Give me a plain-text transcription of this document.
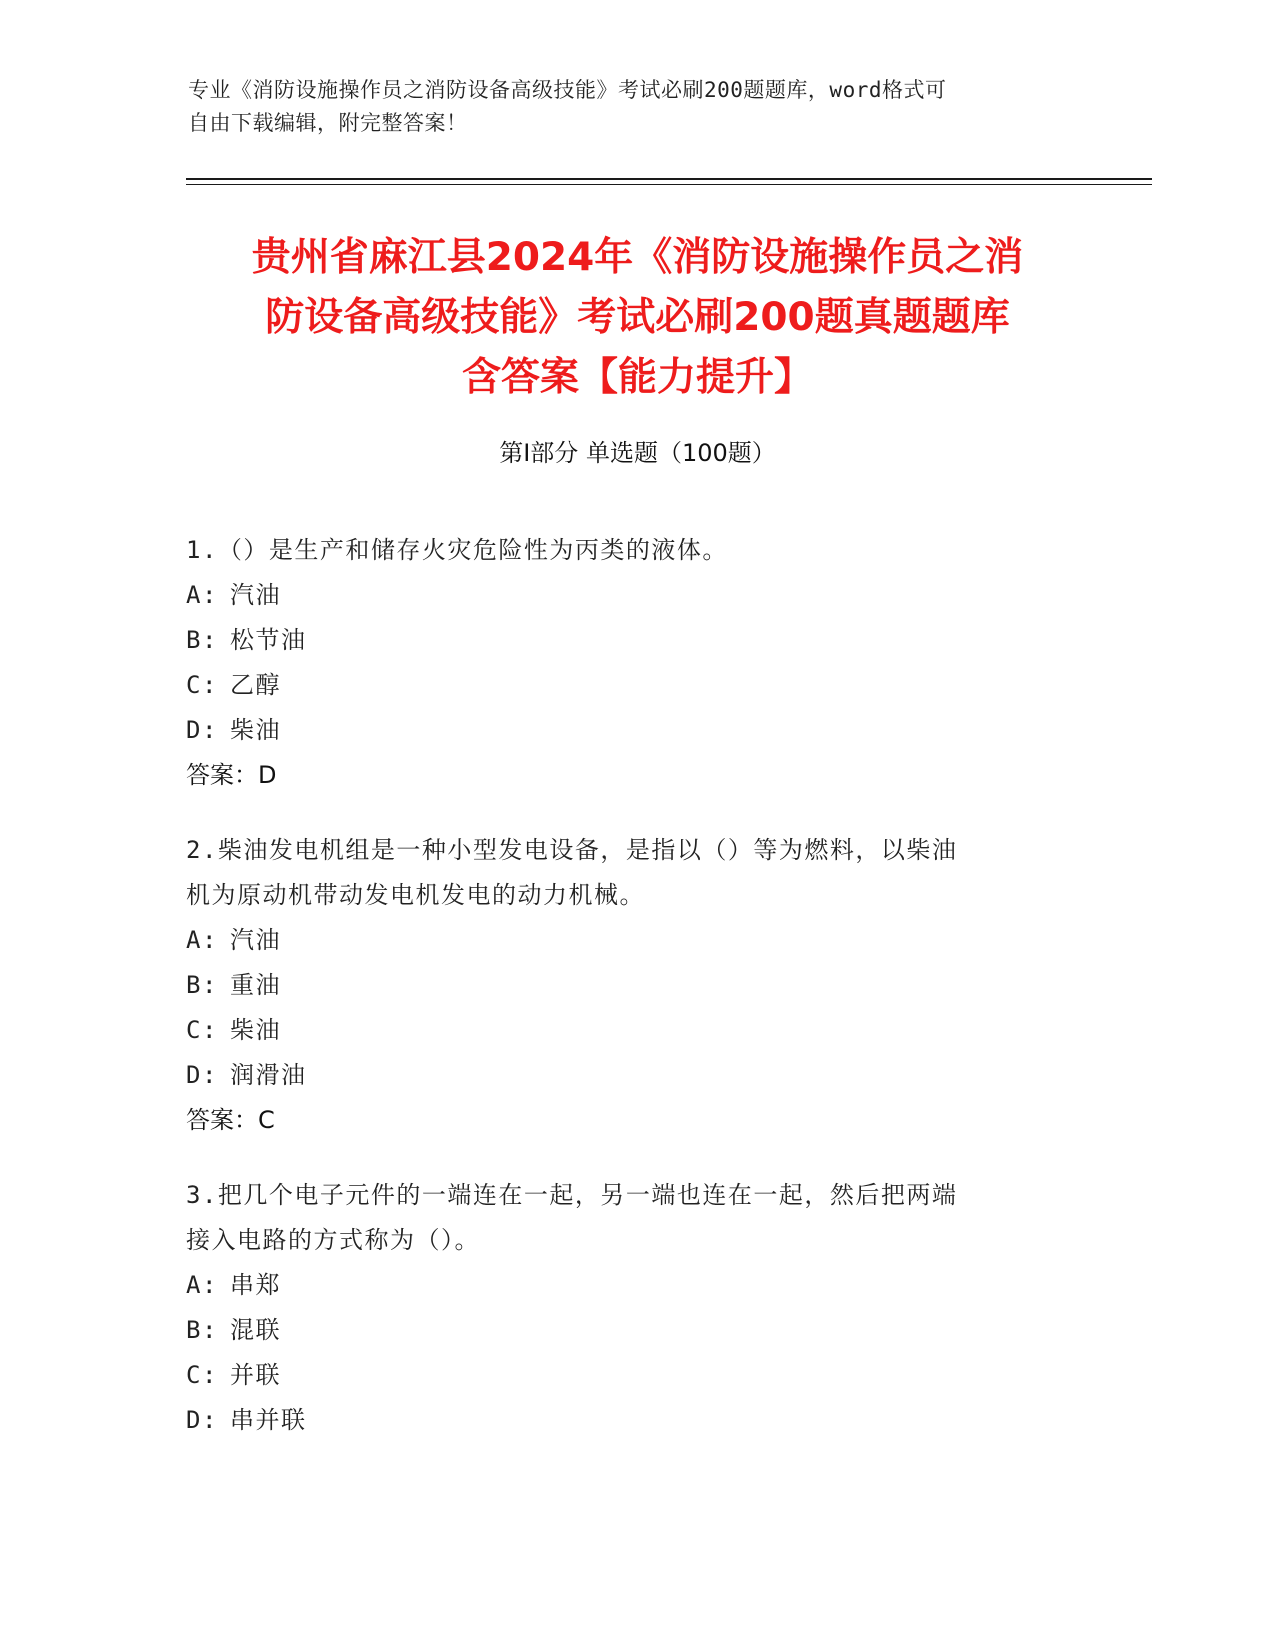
专业《消防设施操作员之消防设备高级技能》考试必刷200题题库，word格式可
自由下载编辑，附完整答案！
贵州省麻江县2024年《消防设施操作员之消
防设备高级技能》考试必刷200题真题题库
含答案【能力提升】
第Ⅰ部分 单选题（100题）
1.（）是生产和储存火灾危险性为丙类的液体。
A: 汽油
B: 松节油
C: 乙醇
D: 柴油
答案：D
2.柴油发电机组是一种小型发电设备，是指以（）等为燃料，以柴油
机为原动机带动发电机发电的动力机械。
A: 汽油
B: 重油
C: 柴油
D: 润滑油
答案：C
3.把几个电子元件的一端连在一起，另一端也连在一起，然后把两端
接入电路的方式称为（）。
A: 串郑
B: 混联
C: 并联
D: 串并联
